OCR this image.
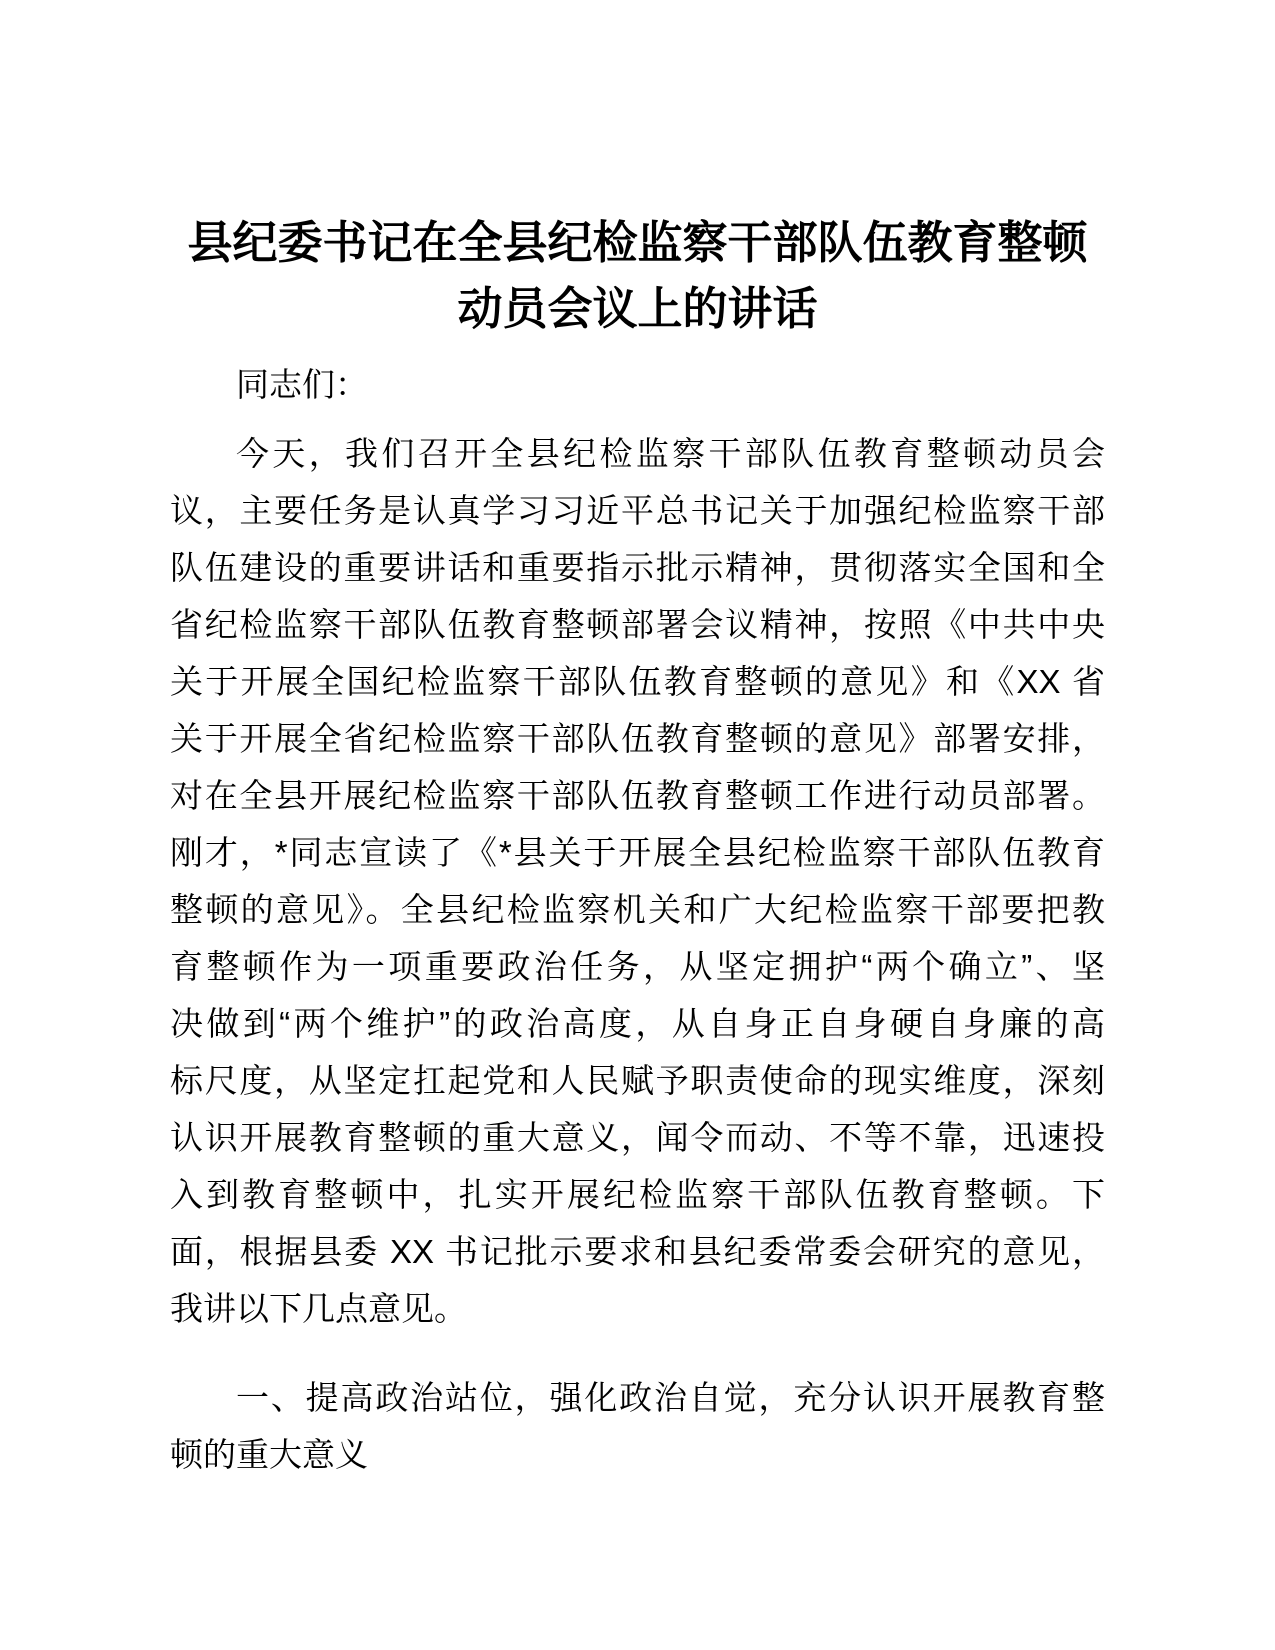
县纪委书记在全县纪检监察干部队伍教育整顿
动员会议上的讲话
同志们：
今天，我们召开全县纪检监察干部队伍教育整顿动员会
议，主要任务是认真学习习近平总书记关于加强纪检监察干部
队伍建设的重要讲话和重要指示批示精神，贯彻落实全国和全
省纪检监察干部队伍教育整顿部署会议精神，按照《中共中央
关于开展全国纪检监察干部队伍教育整顿的意见》和《XX 省
关于开展全省纪检监察干部队伍教育整顿的意见》部署安排，
对在全县开展纪检监察干部队伍教育整顿工作进行动员部署。
刚才，*同志宣读了《*县关于开展全县纪检监察干部队伍教育
整顿的意见》。全县纪检监察机关和广大纪检监察干部要把教
育整顿作为一项重要政治任务，从坚定拥护“两个确立”、坚
决做到“两个维护”的政治高度，从自身正自身硬自身廉的高
标尺度，从坚定扛起党和人民赋予职责使命的现实维度，深刻
认识开展教育整顿的重大意义，闻令而动、不等不靠，迅速投
入到教育整顿中，扎实开展纪检监察干部队伍教育整顿。下
面，根据县委 XX 书记批示要求和县纪委常委会研究的意见，
我讲以下几点意见。
一、提高政治站位，强化政治自觉，充分认识开展教育整
顿的重大意义
